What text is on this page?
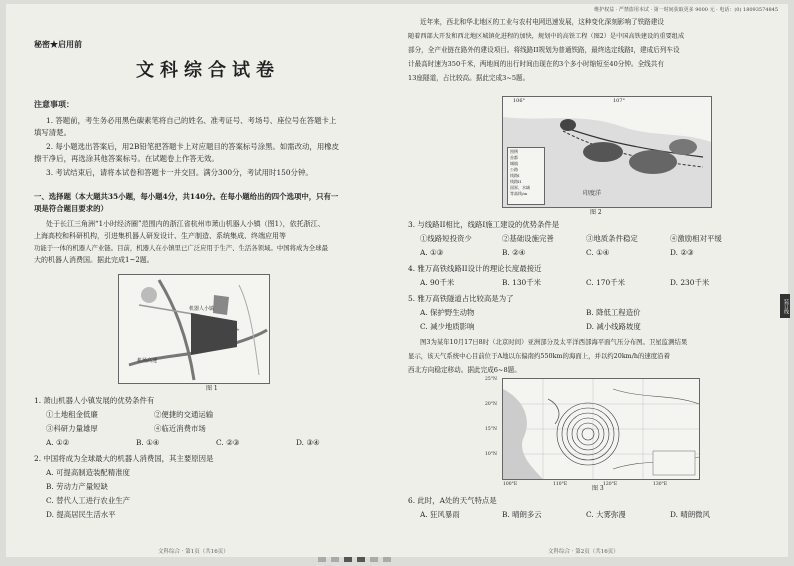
维护权益 · 严禁盗用本试 · 第一时间获取更多 9000 元 · 电话：(0) 18093574845
秘密★启用前
文科综合试卷
注意事项：
1. 答题前，考生务必用黑色碳素笔将自己的姓名、准考证号、考场号、座位号在答题卡上
填写清楚。
2. 每小题选出答案后，用2B铅笔把答题卡上对应题目的答案标号涂黑。如需改动，用橡皮
擦干净后，再选涂其他答案标号。在试题卷上作答无效。
3. 考试结束后，请将本试卷和答题卡一并交回。满分300分，考试用时150分钟。
一、选择题（本大题共35小题，每小题4分，共140分。在每小题给出的四个选项中，只有一
项是符合题目要求的）
处于长江三角洲“1小时经济圈”范围内的浙江省杭州市萧山机器人小镇（图1），依托浙江、
上海高校和科研机构，引进集机器人研发设计、生产制造、系统集成、终端应用等
功能于一体的机器人产业链。目前，机器人在小镇里已广泛应用于生产、生活各领域。中国将成为全球最
大的机器人消费国。据此完成1~2题。
机器人小镇
机场高速
图 1
1. 萧山机器人小镇发展的优势条件有
①土地租金低廉	②便捷的交通运输
③科研力量雄厚	④临近消费市场
A. ①②	B. ①④	C. ②③	D. ③④
2. 中国将成为全球最大的机器人消费国，其主要原因是
A. 可提高制造装配精准度
B. 劳动力产量短缺
C. 替代人工进行农业生产
D. 提高居民生活水平
近年来，西北和华北地区的工业与农村电网迅速发展，这种变化深刻影响了铁路建设
随着西部大开发和西北地区城镇化进程的加快，规划中的高铁工程（图2）是中国高铁建设的重要组成
部分，全产业链在路外的建设项目。将线路II规划为普通铁路，最终选定线路I，建成后列车设
计最高时速为350千米，两地间的出行时间由现在的3个多小时缩短至40分钟。全线共有
13座隧道，占比较高。据此完成3~5题。
106°	107°
印度洋
图例
首都
城镇
公路
线路I
线路II
国界、水域
等高线/m
图 2
3. 与线路II相比，线路I施工建设的优势条件是
①线路短投资少	②基础设施完善	③地质条件稳定	④激励相对平缓
A. ①③	B. ②④	C. ①④	D. ②③
4. 雅万高铁线路II设计的理论长度最接近
A. 90千米	B. 130千米	C. 170千米	D. 230千米
5. 雅万高铁隧道占比较高是为了
A. 保护野生动物	B. 降低工程造价
C. 减少地质影响	D. 减小线路坡度
图3为某年10月17日8时（北京时间）亚洲部分及太平洋西部海平面气压分布图。卫星监测结果
显示，该天气系统中心目前位于A地以东偏南约550km的海面上，并以约20km/h的速度沿着
西北方向稳定移动。据此完成6~8题。
25°N
20°N
15°N
10°N
100°E	110°E	120°E	130°E
图 3
6. 此时，A处的天气特点是
A. 狂风暴雨	B. 晴朗多云	C. 大雾弥漫	D. 晴朗微风
文科综合 · 第1页（共16页）	文科综合 · 第2页（共16页）
装订线
